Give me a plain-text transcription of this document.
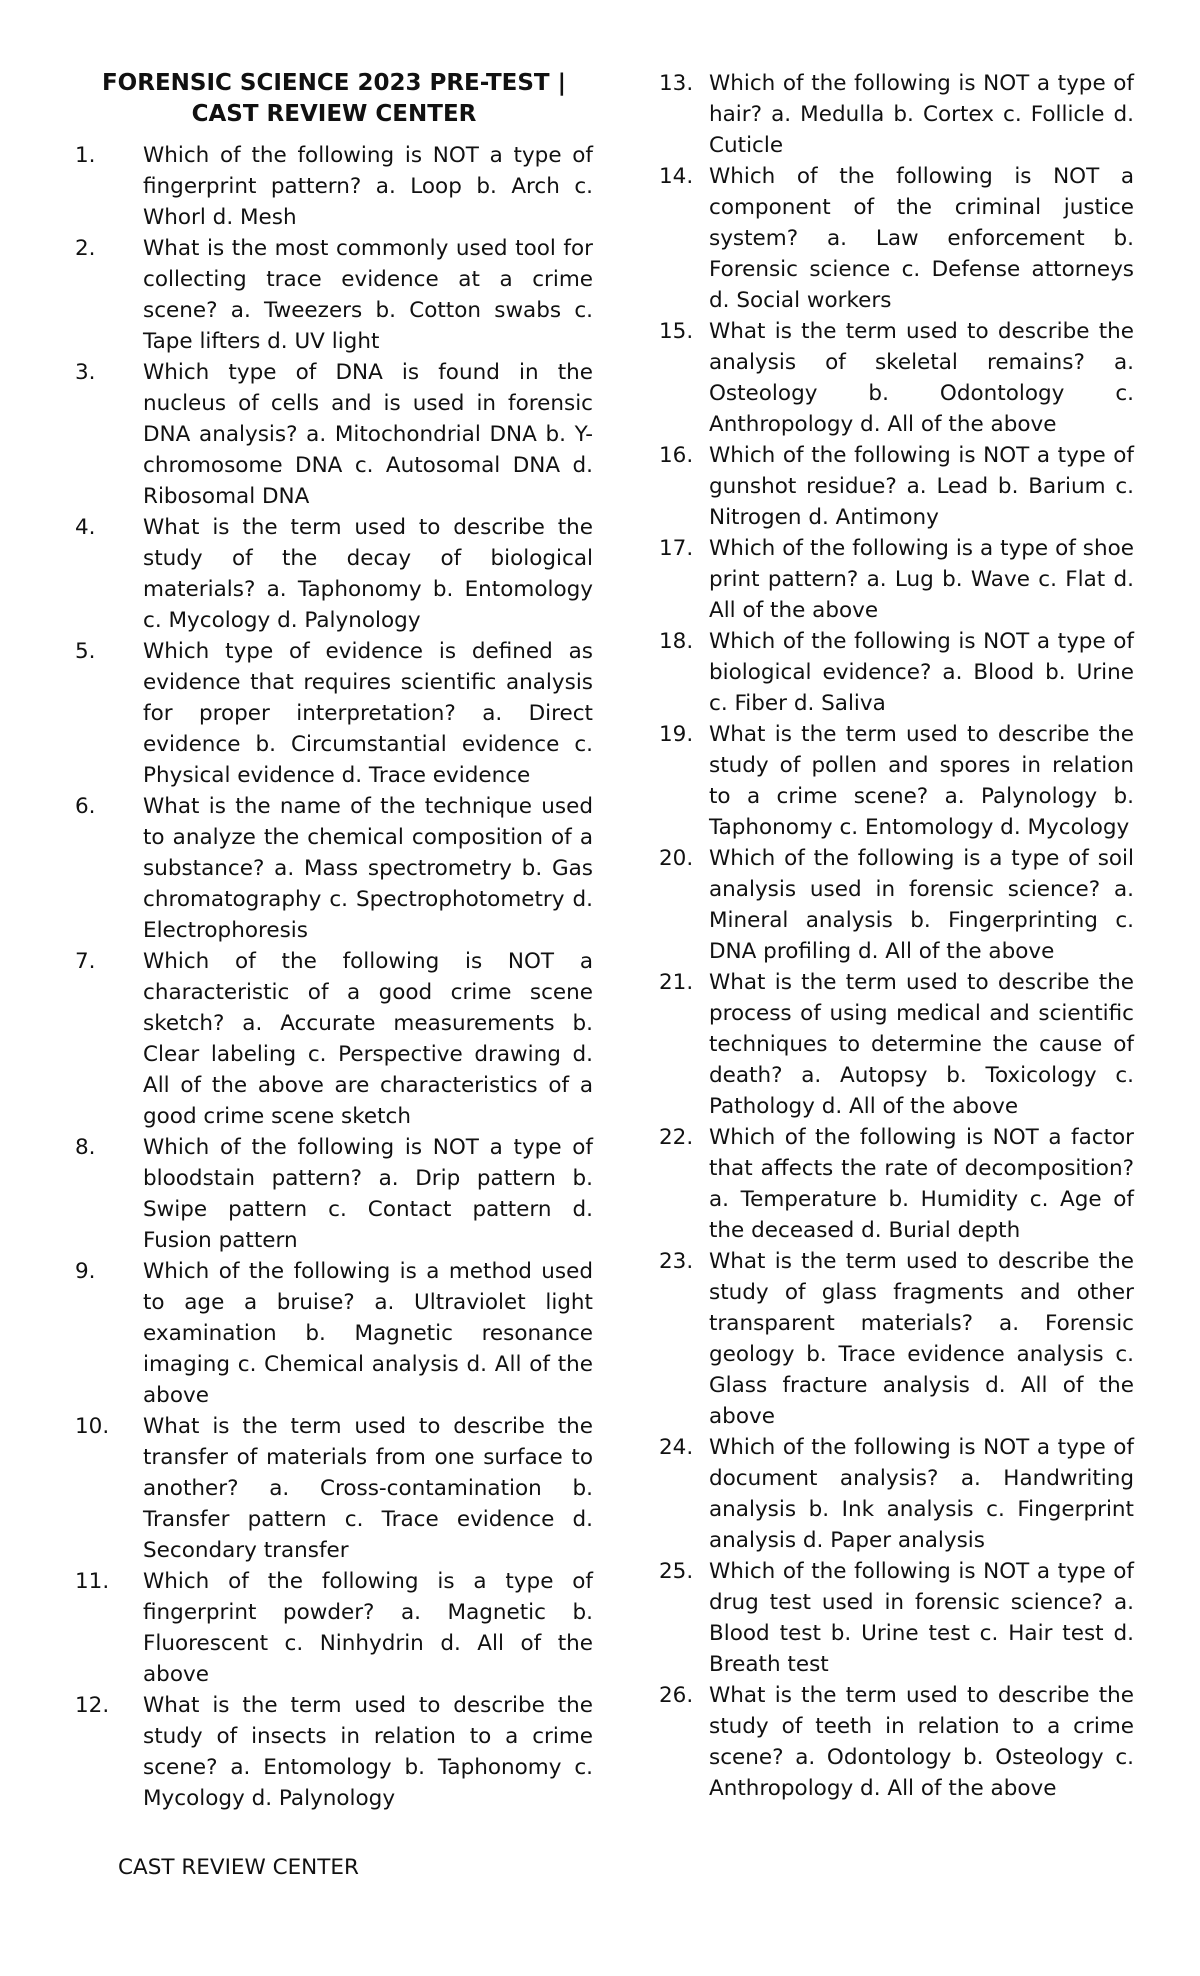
FORENSIC SCIENCE 2023 PRE-TEST | CAST REVIEW CENTER
1.	Which of the following is NOT a type of fingerprint pattern? a. Loop b. Arch c. Whorl d. Mesh
2.	What is the most commonly used tool for collecting trace evidence at a crime scene? a. Tweezers b. Cotton swabs c. Tape lifters d. UV light
3.	Which type of DNA is found in the nucleus of cells and is used in forensic DNA analysis? a. Mitochondrial DNA b. Y-chromosome DNA c. Autosomal DNA d. Ribosomal DNA
4.	What is the term used to describe the study of the decay of biological materials? a. Taphonomy b. Entomology c. Mycology d. Palynology
5.	Which type of evidence is defined as evidence that requires scientific analysis for proper interpretation? a. Direct evidence b. Circumstantial evidence c. Physical evidence d. Trace evidence
6.	What is the name of the technique used to analyze the chemical composition of a substance? a. Mass spectrometry b. Gas chromatography c. Spectrophotometry d. Electrophoresis
7.	Which of the following is NOT a characteristic of a good crime scene sketch? a. Accurate measurements b. Clear labeling c. Perspective drawing d. All of the above are characteristics of a good crime scene sketch
8.	Which of the following is NOT a type of bloodstain pattern? a. Drip pattern b. Swipe pattern c. Contact pattern d. Fusion pattern
9.	Which of the following is a method used to age a bruise? a. Ultraviolet light examination b. Magnetic resonance imaging c. Chemical analysis d. All of the above
10.	What is the term used to describe the transfer of materials from one surface to another? a. Cross-contamination b. Transfer pattern c. Trace evidence d. Secondary transfer
11.	Which of the following is a type of fingerprint powder? a. Magnetic b. Fluorescent c. Ninhydrin d. All of the above
12.	What is the term used to describe the study of insects in relation to a crime scene? a. Entomology b. Taphonomy c. Mycology d. Palynology
13. Which of the following is NOT a type of hair? a. Medulla b. Cortex c. Follicle d. Cuticle
14. Which of the following is NOT a component of the criminal justice system? a. Law enforcement b. Forensic science c. Defense attorneys d. Social workers
15. What is the term used to describe the analysis of skeletal remains? a. Osteology b. Odontology c. Anthropology d. All of the above
16. Which of the following is NOT a type of gunshot residue? a. Lead b. Barium c. Nitrogen d. Antimony
17. Which of the following is a type of shoe print pattern? a. Lug b. Wave c. Flat d. All of the above
18. Which of the following is NOT a type of biological evidence? a. Blood b. Urine c. Fiber d. Saliva
19. What is the term used to describe the study of pollen and spores in relation to a crime scene? a. Palynology b. Taphonomy c. Entomology d. Mycology
20. Which of the following is a type of soil analysis used in forensic science? a. Mineral analysis b. Fingerprinting c. DNA profiling d. All of the above
21. What is the term used to describe the process of using medical and scientific techniques to determine the cause of death? a. Autopsy b. Toxicology c. Pathology d. All of the above
22. Which of the following is NOT a factor that affects the rate of decomposition? a. Temperature b. Humidity c. Age of the deceased d. Burial depth
23. What is the term used to describe the study of glass fragments and other transparent materials? a. Forensic geology b. Trace evidence analysis c. Glass fracture analysis d. All of the above
24. Which of the following is NOT a type of document analysis? a. Handwriting analysis b. Ink analysis c. Fingerprint analysis d. Paper analysis
25. Which of the following is NOT a type of drug test used in forensic science? a. Blood test b. Urine test c. Hair test d. Breath test
26. What is the term used to describe the study of teeth in relation to a crime scene? a. Odontology b. Osteology c. Anthropology d. All of the above
CAST REVIEW CENTER
